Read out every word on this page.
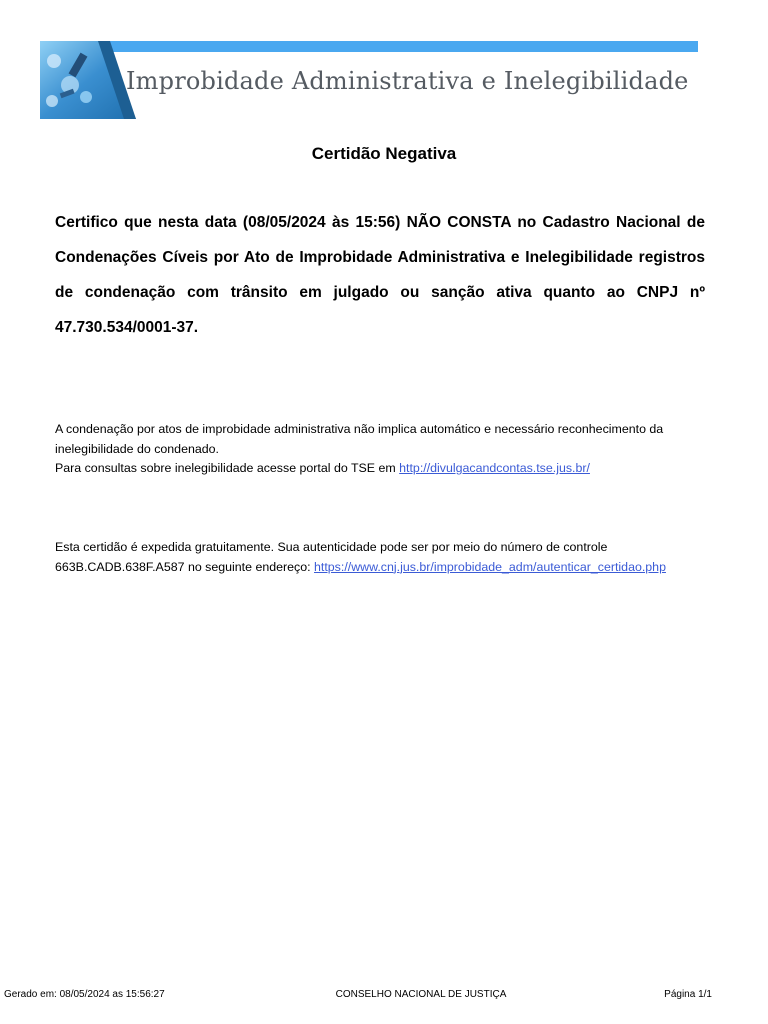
Improbidade Administrativa e Inelegibilidade
Certidão Negativa

Certifico que nesta data (08/05/2024 às 15:56) NÃO CONSTA no Cadastro Nacional de Condenações Cíveis por Ato de Improbidade Administrativa e Inelegibilidade registros de condenação com trânsito em julgado ou sanção ativa quanto ao CNPJ nº 47.730.534/0001-37.

A condenação por atos de improbidade administrativa não implica automático e necessário reconhecimento da inelegibilidade do condenado.

Para consultas sobre inelegibilidade acesse portal do TSE em http://divulgacandcontas.tse.jus.br/

Esta certidão é expedida gratuitamente. Sua autenticidade pode ser por meio do número de controle

663B.CADB.638F.A587 no seguinte endereço: https://www.cnj.jus.br/improbidade_adm/autenticar_certidao.php

Gerado em: 08/05/2024 as 15:56:27	CONSELHO NACIONAL DE JUSTIÇA	Página 1/1
